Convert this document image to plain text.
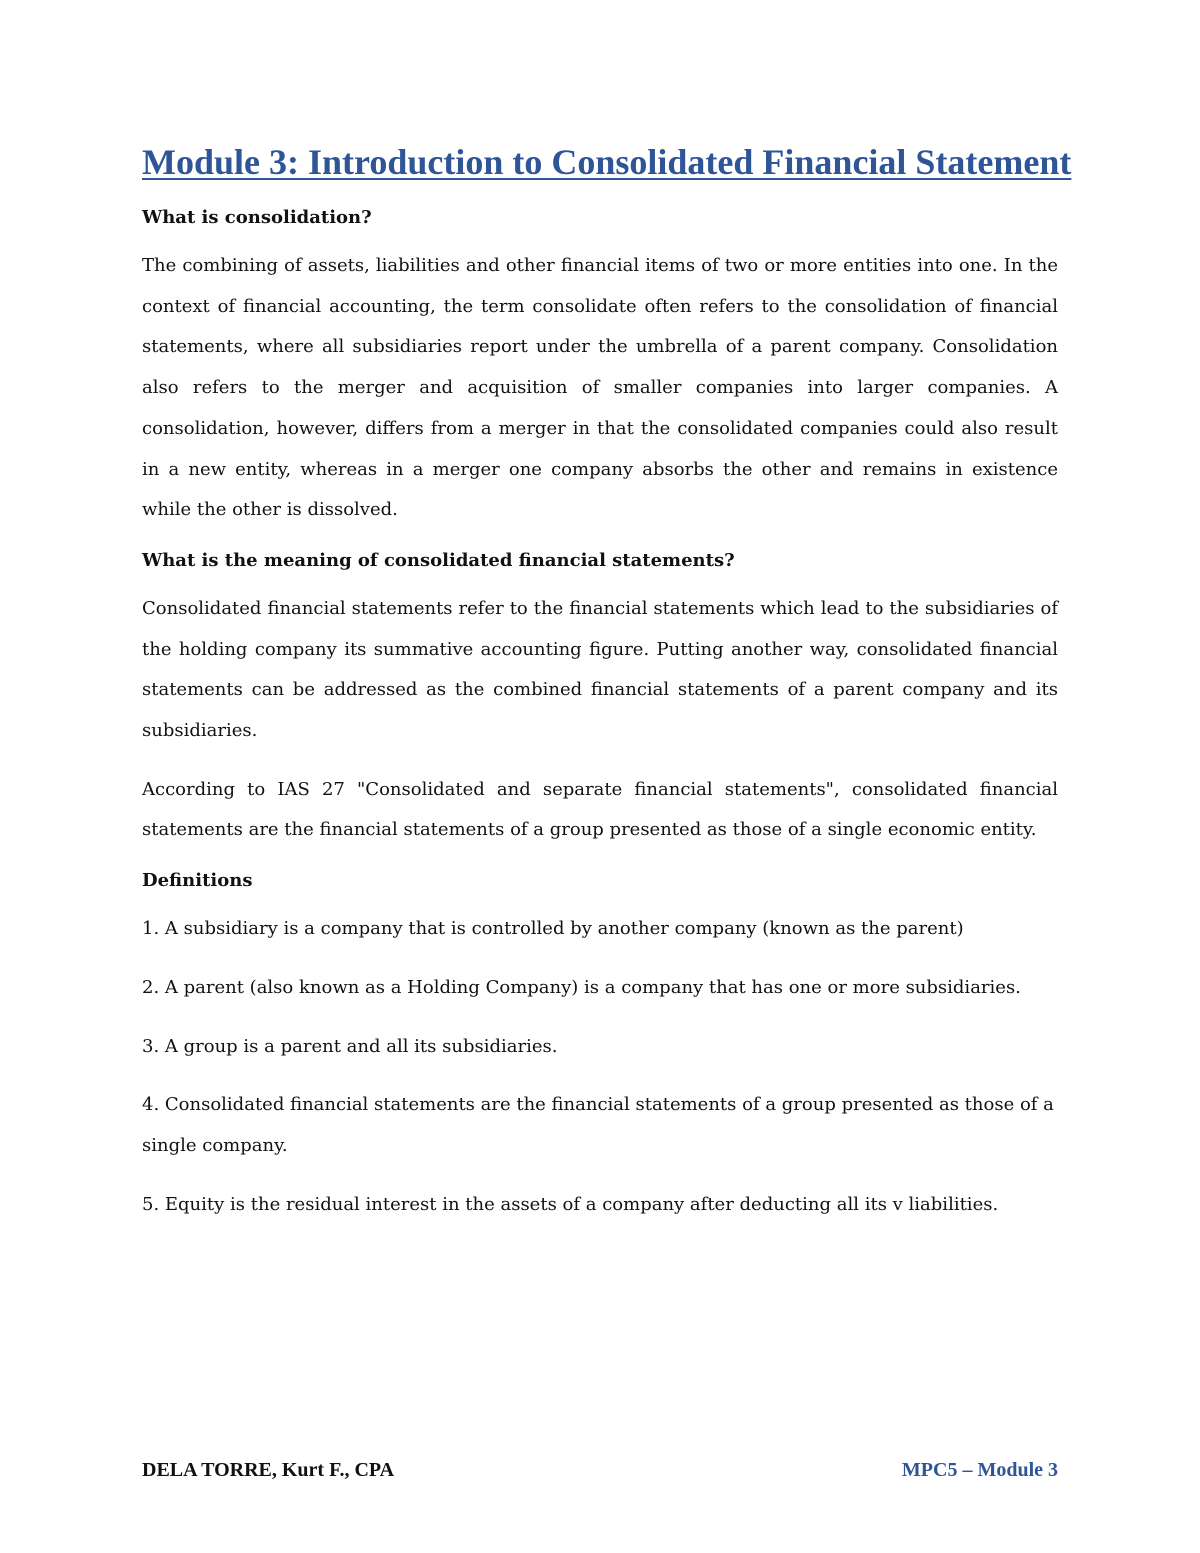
Module 3: Introduction to Consolidated Financial Statement
What is consolidation?
The combining of assets, liabilities and other financial items of two or more entities into one. In the context of financial accounting, the term consolidate often refers to the consolidation of financial statements, where all subsidiaries report under the umbrella of a parent company. Consolidation also refers to the merger and acquisition of smaller companies into larger companies. A consolidation, however, differs from a merger in that the consolidated companies could also result in a new entity, whereas in a merger one company absorbs the other and remains in existence while the other is dissolved.
What is the meaning of consolidated financial statements?
Consolidated financial statements refer to the financial statements which lead to the subsidiaries of the holding company its summative accounting figure. Putting another way, consolidated financial statements can be addressed as the combined financial statements of a parent company and its subsidiaries.
According to IAS 27 "Consolidated and separate financial statements", consolidated financial statements are the financial statements of a group presented as those of a single economic entity.
Definitions
1. A subsidiary is a company that is controlled by another company (known as the parent)
2. A parent (also known as a Holding Company) is a company that has one or more subsidiaries.
3. A group is a parent and all its subsidiaries.
4. Consolidated financial statements are the financial statements of a group presented as those of a single company.
5. Equity is the residual interest in the assets of a company after deducting all its v liabilities.
DELA TORRE, Kurt F., CPA	MPC5 – Module 3
